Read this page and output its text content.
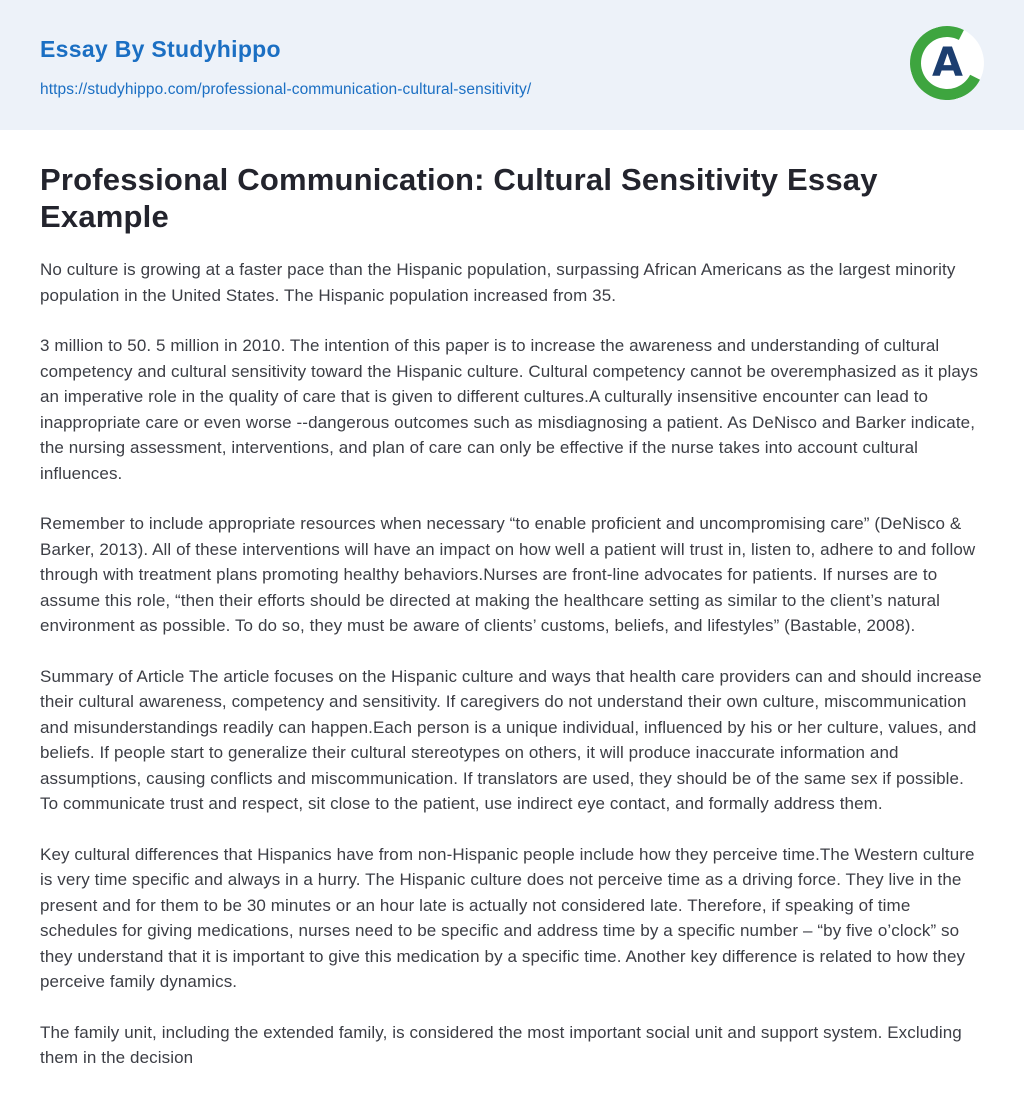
Essay By Studyhippo
https://studyhippo.com/professional-communication-cultural-sensitivity/
A
Professional Communication: Cultural Sensitivity Essay Example

No culture is growing at a faster pace than the Hispanic population, surpassing African Americans as the largest minority population in the United States. The Hispanic population increased from 35.

3 million to 50. 5 million in 2010. The intention of this paper is to increase the awareness and understanding of cultural competency and cultural sensitivity toward the Hispanic culture. Cultural competency cannot be overemphasized as it plays an imperative role in the quality of care that is given to different cultures.A culturally insensitive encounter can lead to inappropriate care or even worse --dangerous outcomes such as misdiagnosing a patient. As DeNisco and Barker indicate, the nursing assessment, interventions, and plan of care can only be effective if the nurse takes into account cultural influences.

Remember to include appropriate resources when necessary “to enable proficient and uncompromising care” (DeNisco & Barker, 2013). All of these interventions will have an impact on how well a patient will trust in, listen to, adhere to and follow through with treatment plans promoting healthy behaviors.Nurses are front-line advocates for patients. If nurses are to assume this role, “then their efforts should be directed at making the healthcare setting as similar to the client’s natural environment as possible. To do so, they must be aware of clients’ customs, beliefs, and lifestyles” (Bastable, 2008).

Summary of Article The article focuses on the Hispanic culture and ways that health care providers can and should increase their cultural awareness, competency and sensitivity. If caregivers do not understand their own culture, miscommunication and misunderstandings readily can happen.Each person is a unique individual, influenced by his or her culture, values, and beliefs. If people start to generalize their cultural stereotypes on others, it will produce inaccurate information and assumptions, causing conflicts and miscommunication. If translators are used, they should be of the same sex if possible. To communicate trust and respect, sit close to the patient, use indirect eye contact, and formally address them.

Key cultural differences that Hispanics have from non-Hispanic people include how they perceive time.The Western culture is very time specific and always in a hurry. The Hispanic culture does not perceive time as a driving force. They live in the present and for them to be 30 minutes or an hour late is actually not considered late. Therefore, if speaking of time schedules for giving medications, nurses need to be specific and address time by a specific number – “by five o’clock” so they understand that it is important to give this medication by a specific time. Another key difference is related to how they perceive family dynamics.

The family unit, including the extended family, is considered the most important social unit and support system. Excluding them in the decision
